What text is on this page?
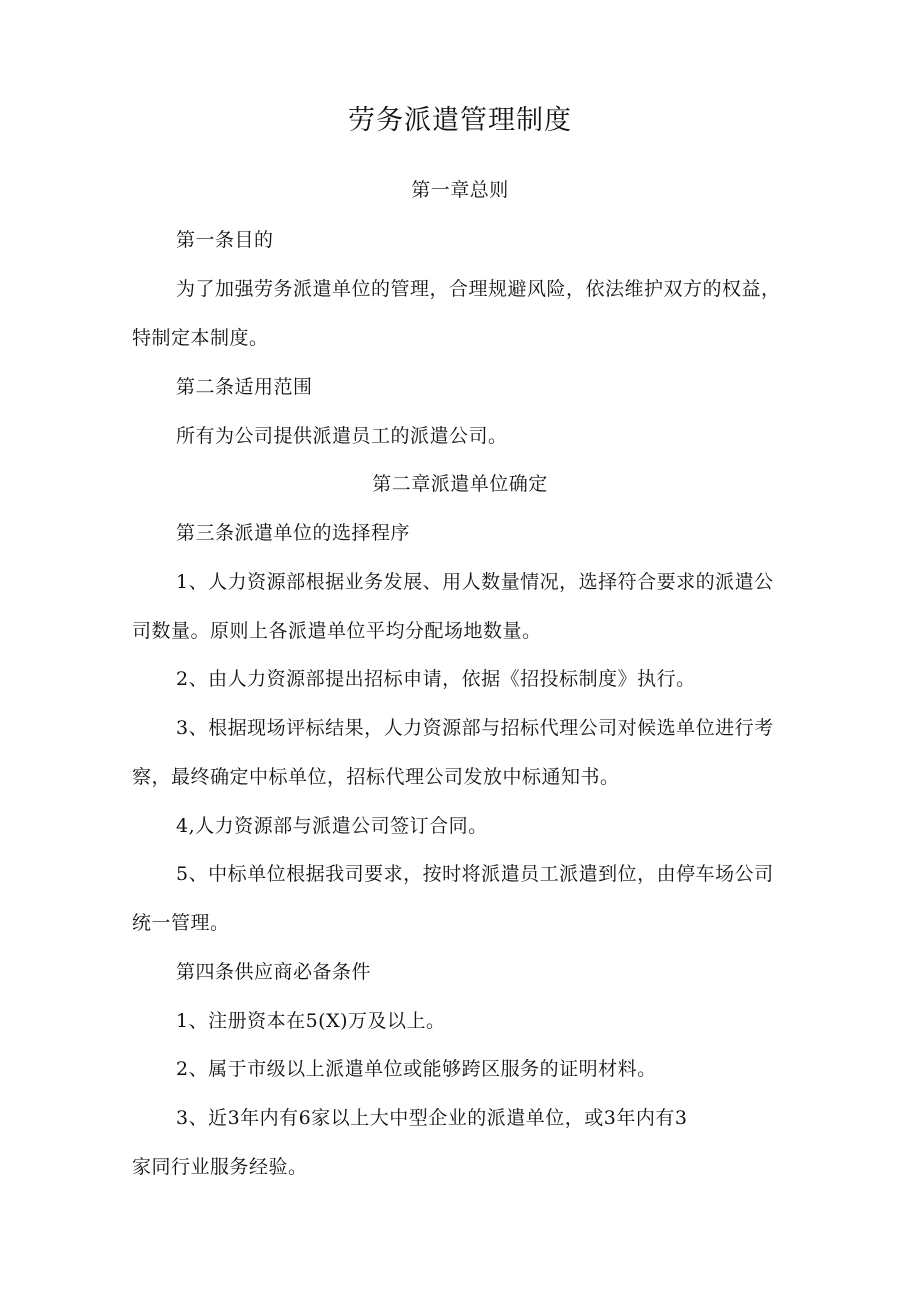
劳务派遣管理制度
第一章总则
第一条目的
为了加强劳务派遣单位的管理，合理规避风险，依法维护双方的权益，
特制定本制度。
第二条适用范围
所有为公司提供派遣员工的派遣公司。
第二章派遣单位确定
第三条派遣单位的选择程序
1、人力资源部根据业务发展、用人数量情况，选择符合要求的派遣公
司数量。原则上各派遣单位平均分配场地数量。
2、由人力资源部提出招标申请，依据《招投标制度》执行。
3、根据现场评标结果，人力资源部与招标代理公司对候选单位进行考
察，最终确定中标单位，招标代理公司发放中标通知书。
4,人力资源部与派遣公司签订合同。
5、中标单位根据我司要求，按时将派遣员工派遣到位，由停车场公司
统一管理。
第四条供应商必备条件
1、注册资本在5(X)万及以上。
2、属于市级以上派遣单位或能够跨区服务的证明材料。
3、近3年内有6家以上大中型企业的派遣单位，或3年内有3
家同行业服务经验。
